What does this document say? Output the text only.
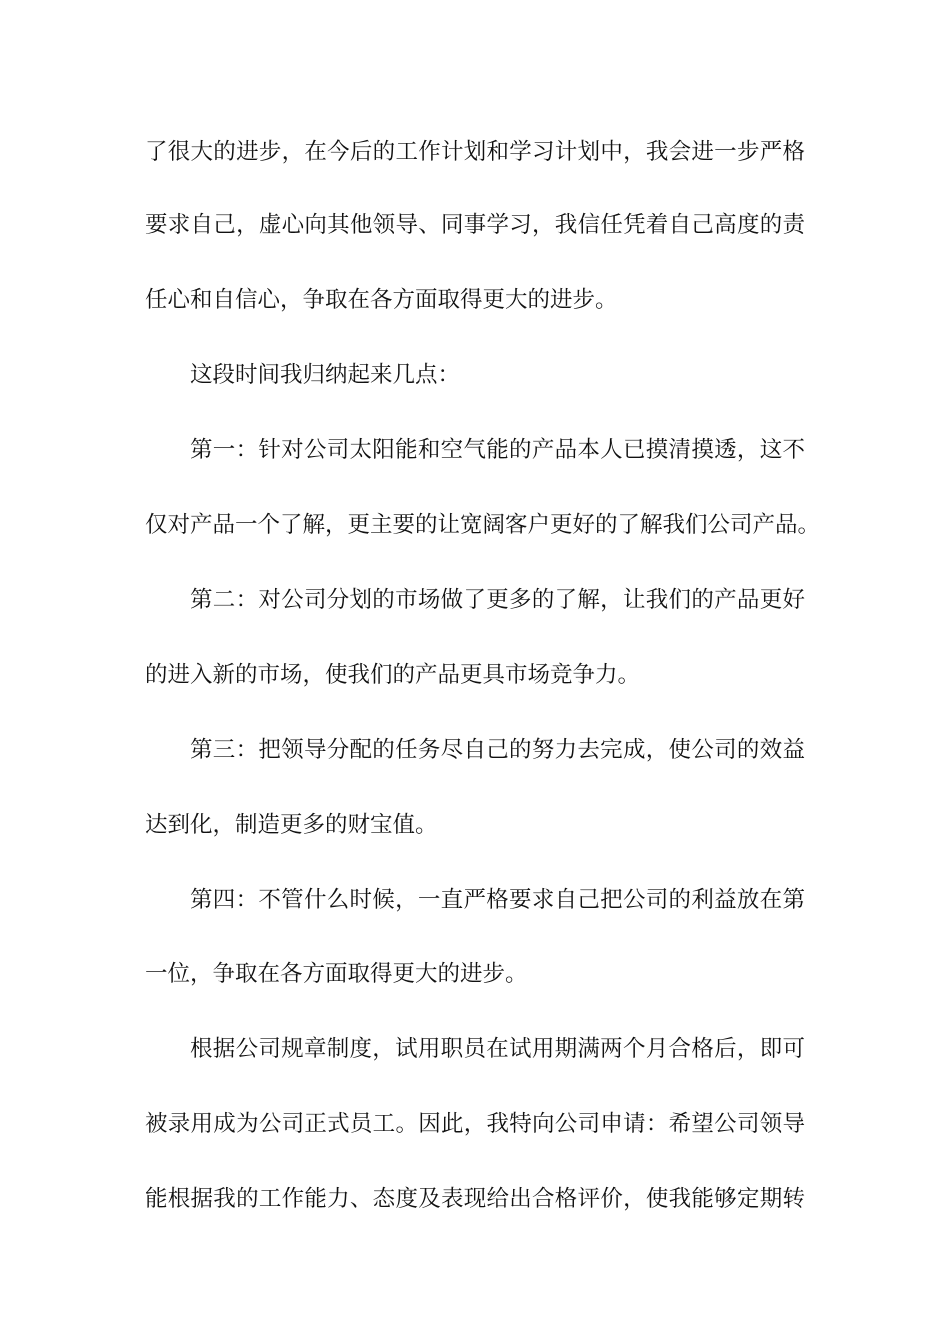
了很大的进步，在今后的工作计划和学习计划中，我会进一步严格
要求自己，虚心向其他领导、同事学习，我信任凭着自己高度的责
任心和自信心，争取在各方面取得更大的进步。
这段时间我归纳起来几点：
第一：针对公司太阳能和空气能的产品本人已摸清摸透，这不
仅对产品一个了解，更主要的让宽阔客户更好的了解我们公司产品。
第二：对公司分划的市场做了更多的了解，让我们的产品更好
的进入新的市场，使我们的产品更具市场竞争力。
第三：把领导分配的任务尽自己的努力去完成，使公司的效益
达到化，制造更多的财宝值。
第四：不管什么时候，一直严格要求自己把公司的利益放在第
一位，争取在各方面取得更大的进步。
根据公司规章制度，试用职员在试用期满两个月合格后，即可
被录用成为公司正式员工。因此，我特向公司申请：希望公司领导
能根据我的工作能力、态度及表现给出合格评价，使我能够定期转
